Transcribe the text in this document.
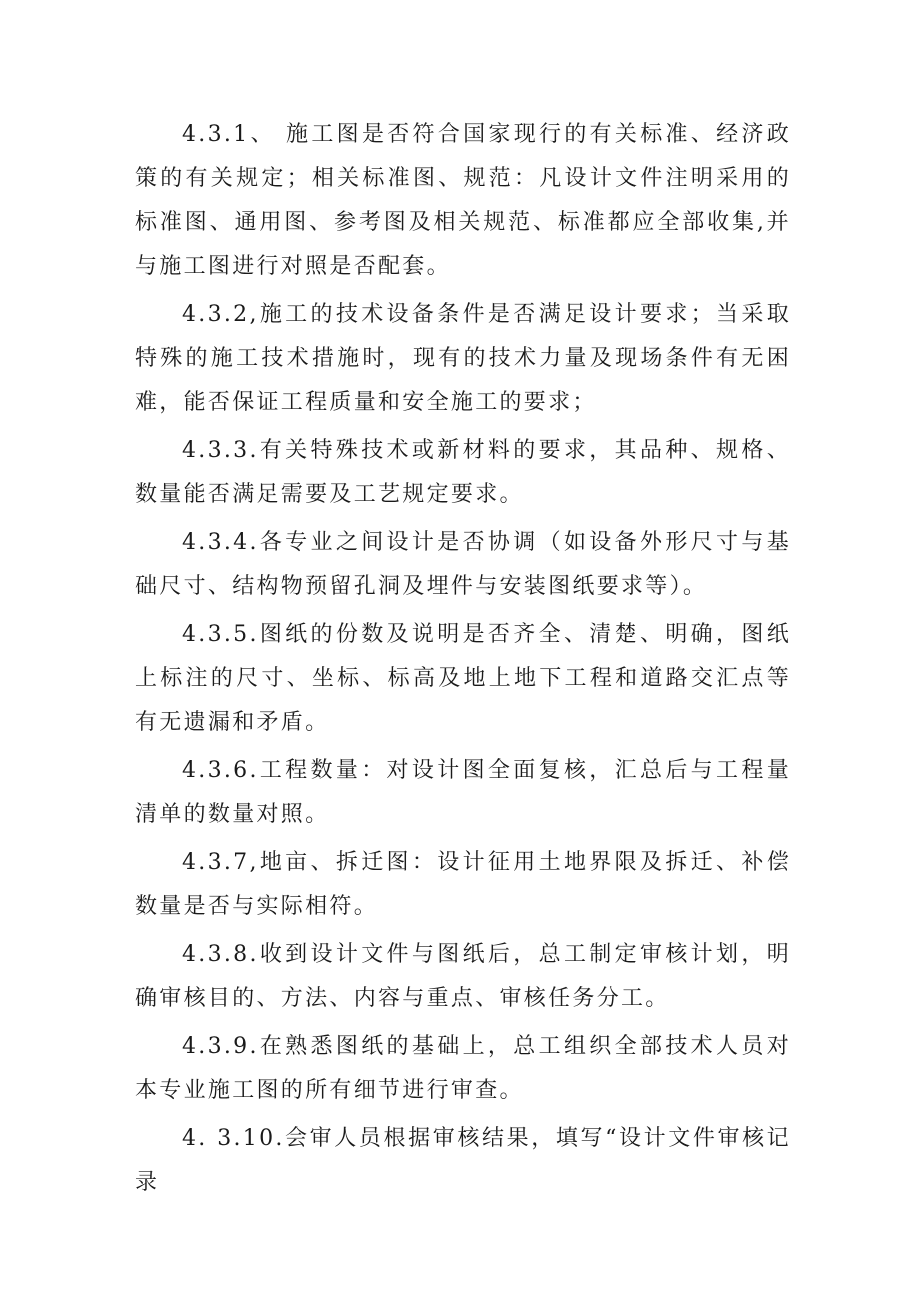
4.3.1、 施工图是否符合国家现行的有关标准、经济政策的有关规定；相关标准图、规范：凡设计文件注明采用的标准图、通用图、参考图及相关规范、标准都应全部收集,并与施工图进行对照是否配套。

4.3.2,施工的技术设备条件是否满足设计要求；当采取特殊的施工技术措施时，现有的技术力量及现场条件有无困难，能否保证工程质量和安全施工的要求；

4.3.3.有关特殊技术或新材料的要求，其品种、规格、数量能否满足需要及工艺规定要求。

4.3.4.各专业之间设计是否协调（如设备外形尺寸与基础尺寸、结构物预留孔洞及埋件与安装图纸要求等）。

4.3.5.图纸的份数及说明是否齐全、清楚、明确，图纸上标注的尺寸、坐标、标高及地上地下工程和道路交汇点等有无遗漏和矛盾。

4.3.6.工程数量：对设计图全面复核，汇总后与工程量清单的数量对照。

4.3.7,地亩、拆迁图：设计征用土地界限及拆迁、补偿数量是否与实际相符。

4.3.8.收到设计文件与图纸后，总工制定审核计划，明确审核目的、方法、内容与重点、审核任务分工。

4.3.9.在熟悉图纸的基础上，总工组织全部技术人员对本专业施工图的所有细节进行审查。

4. 3.10.会审人员根据审核结果，填写“设计文件审核记录
